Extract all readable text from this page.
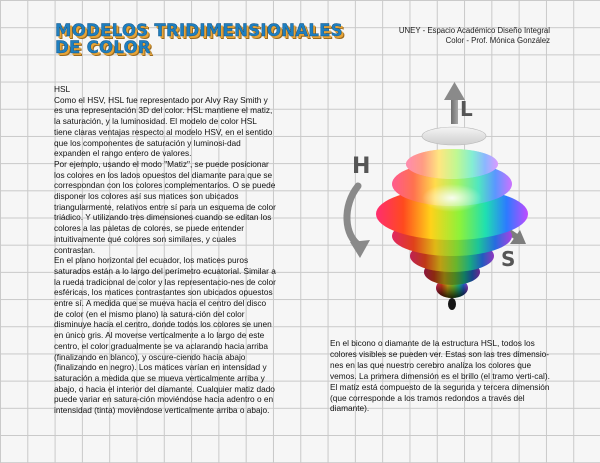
MODELOS TRIDIMENSIONALES
DE COLOR
UNEY - Espacio Académico Diseño Integral
Color - Prof. Mónica González

HSL

Como el HSV, HSL fue representado por Alvy Ray Smith y es una representación 3D del color. HSL mantiene el matiz, la saturación, y la luminosidad. El modelo de color HSL tiene claras ventajas respecto al modelo HSV, en el sentido que los componentes de saturación y luminosi-dad expanden el rango entero de valores.

Por ejemplo, usando el modo "Matiz", se puede posicionar los colores en los lados opuestos del diamante para que se correspondan con los colores complementarios. O se puede disponer los colores así sus matices son ubicados triangularmente, relativos entre sí para un esquema de color triádico. Y utilizando tres dimensiones cuando se editan los colores a las paletas de colores, se puede entender intuitivamente qué colores son similares, y cuales contrastan.

En el plano horizontal del ecuador, los matices puros saturados están a lo largo del perímetro ecuatorial. Similar a la rueda tradicional de color y las representacio-nes de color esféricas, los matices contrastantes son ubicados opuestos entre sí. A medida que se mueva hacia el centro del disco de color (en el mismo plano) la satura-ción del color disminuye hacia el centro, donde todos los colores se unen en único gris. Al moverse verticalmente a lo largo de este centro, el color gradualmente se va aclarando hacia arriba (finalizando en blanco), y oscure-ciendo hacia abajo (finalizando en negro). Los matices varían en intensidad y saturación a medida que se mueva verticalmente arriba y abajo, o hacia el interior del diamante. Cualquier matiz dado puede variar en satura-ción moviéndose hacia adentro o en intensidad (tinta) moviéndose verticalmente arriba o abajo.

L
H
S

En el bicono o diamante de la estructura HSL, todos los colores visibles se pueden ver. Estas son las tres dimensio-nes en las que nuestro cerebro analiza los colores que vemos. La primera dimensión es el brillo (el tramo verti-cal). El matiz está compuesto de la segunda y tercera dimensión (que corresponde a los tramos redondos a través del diamante).
